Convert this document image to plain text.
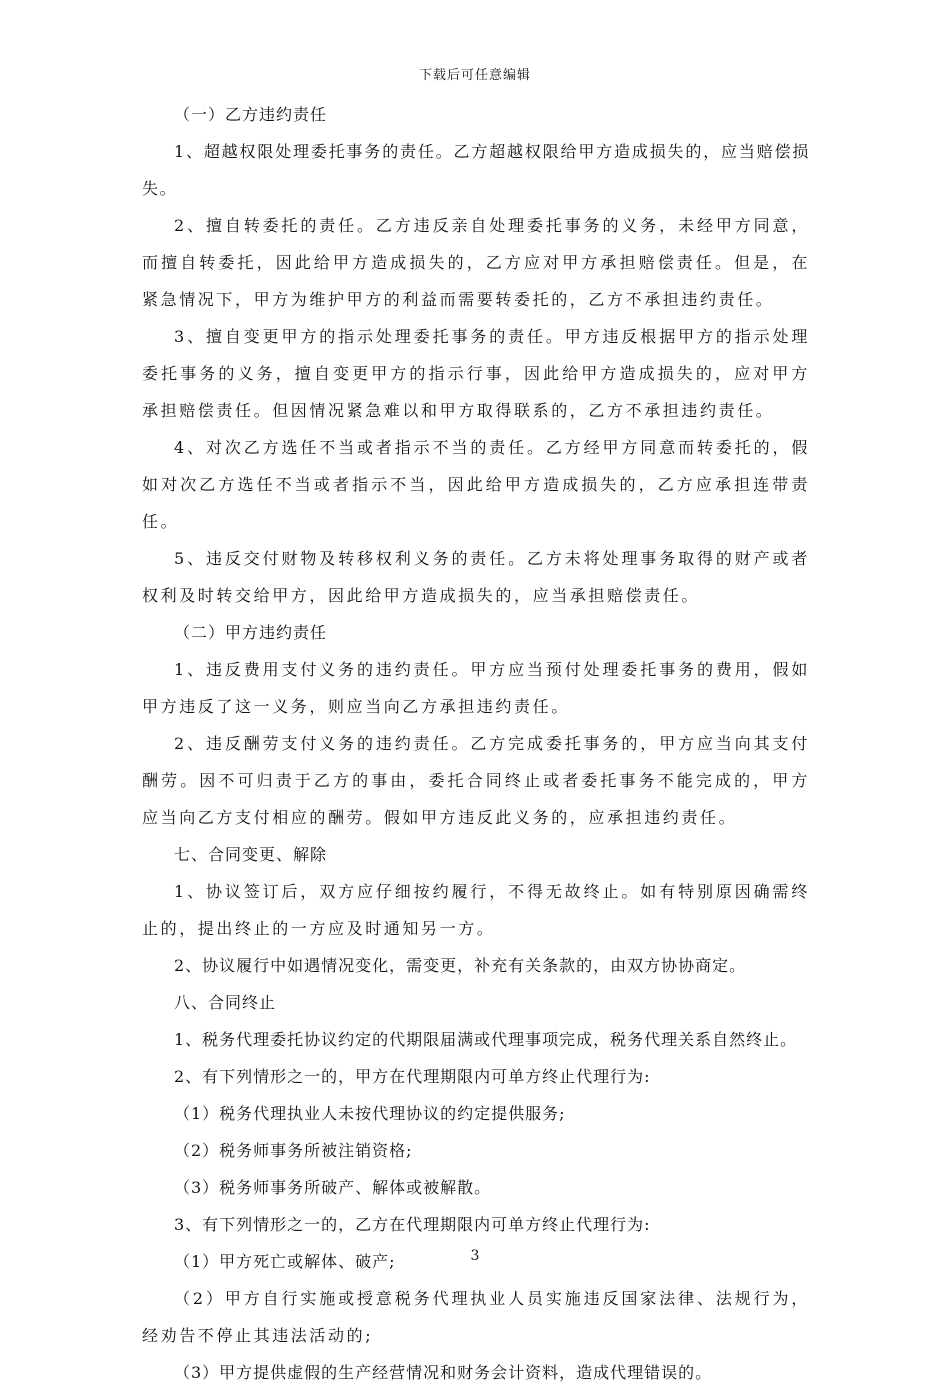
下载后可任意编辑

（一）乙方违约责任

1、超越权限处理委托事务的责任。乙方超越权限给甲方造成损失的，应当赔偿损失。

2、擅自转委托的责任。乙方违反亲自处理委托事务的义务，未经甲方同意，而擅自转委托，因此给甲方造成损失的，乙方应对甲方承担赔偿责任。但是，在紧急情况下，甲方为维护甲方的利益而需要转委托的，乙方不承担违约责任。

3、擅自变更甲方的指示处理委托事务的责任。甲方违反根据甲方的指示处理委托事务的义务，擅自变更甲方的指示行事，因此给甲方造成损失的，应对甲方承担赔偿责任。但因情况紧急难以和甲方取得联系的，乙方不承担违约责任。

4、对次乙方选任不当或者指示不当的责任。乙方经甲方同意而转委托的，假如对次乙方选任不当或者指示不当，因此给甲方造成损失的，乙方应承担连带责任。

5、违反交付财物及转移权利义务的责任。乙方未将处理事务取得的财产或者权利及时转交给甲方，因此给甲方造成损失的，应当承担赔偿责任。

（二）甲方违约责任

1、违反费用支付义务的违约责任。甲方应当预付处理委托事务的费用，假如甲方违反了这一义务，则应当向乙方承担违约责任。

2、违反酬劳支付义务的违约责任。乙方完成委托事务的，甲方应当向其支付酬劳。因不可归责于乙方的事由，委托合同终止或者委托事务不能完成的，甲方应当向乙方支付相应的酬劳。假如甲方违反此义务的，应承担违约责任。

七、合同变更、解除

1、协议签订后，双方应仔细按约履行，不得无故终止。如有特别原因确需终止的，提出终止的一方应及时通知另一方。

2、协议履行中如遇情况变化，需变更，补充有关条款的，由双方协协商定。

八、合同终止

1、税务代理委托协议约定的代期限届满或代理事项完成，税务代理关系自然终止。

2、有下列情形之一的，甲方在代理期限内可单方终止代理行为:

（1）税务代理执业人未按代理协议的约定提供服务;

（2）税务师事务所被注销资格;

（3）税务师事务所破产、解体或被解散。

3、有下列情形之一的，乙方在代理期限内可单方终止代理行为:

（1）甲方死亡或解体、破产;

（2）甲方自行实施或授意税务代理执业人员实施违反国家法律、法规行为，经劝告不停止其违法活动的;

（3）甲方提供虚假的生产经营情况和财务会计资料，造成代理错误的。

3
